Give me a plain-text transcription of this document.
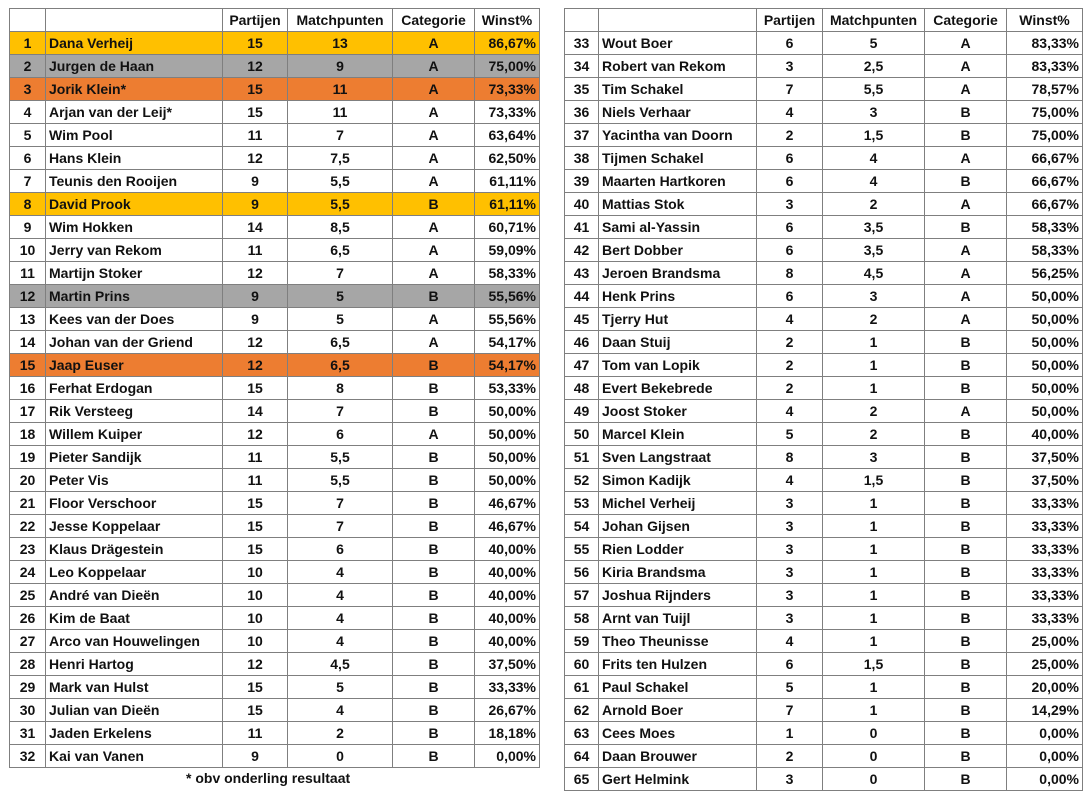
		Partijen	Matchpunten	Categorie	Winst%
1	Dana Verheij	15	13	A	86,67%
2	Jurgen de Haan	12	9	A	75,00%
3	Jorik Klein*	15	11	A	73,33%
4	Arjan van der Leij*	15	11	A	73,33%
5	Wim Pool	11	7	A	63,64%
6	Hans Klein	12	7,5	A	62,50%
7	Teunis den Rooijen	9	5,5	A	61,11%
8	David Prook	9	5,5	B	61,11%
9	Wim Hokken	14	8,5	A	60,71%
10	Jerry van Rekom	11	6,5	A	59,09%
11	Martijn Stoker	12	7	A	58,33%
12	Martin Prins	9	5	B	55,56%
13	Kees van der Does	9	5	A	55,56%
14	Johan van der Griend	12	6,5	A	54,17%
15	Jaap Euser	12	6,5	B	54,17%
16	Ferhat Erdogan	15	8	B	53,33%
17	Rik Versteeg	14	7	B	50,00%
18	Willem Kuiper	12	6	A	50,00%
19	Pieter Sandijk	11	5,5	B	50,00%
20	Peter Vis	11	5,5	B	50,00%
21	Floor Verschoor	15	7	B	46,67%
22	Jesse Koppelaar	15	7	B	46,67%
23	Klaus Drägestein	15	6	B	40,00%
24	Leo Koppelaar	10	4	B	40,00%
25	André van Dieën	10	4	B	40,00%
26	Kim de Baat	10	4	B	40,00%
27	Arco van Houwelingen	10	4	B	40,00%
28	Henri Hartog	12	4,5	B	37,50%
29	Mark van Hulst	15	5	B	33,33%
30	Julian van Dieën	15	4	B	26,67%
31	Jaden Erkelens	11	2	B	18,18%
32	Kai van Vanen	9	0	B	0,00%
		Partijen	Matchpunten	Categorie	Winst%
33	Wout Boer	6	5	A	83,33%
34	Robert van Rekom	3	2,5	A	83,33%
35	Tim Schakel	7	5,5	A	78,57%
36	Niels Verhaar	4	3	B	75,00%
37	Yacintha van Doorn	2	1,5	B	75,00%
38	Tijmen Schakel	6	4	A	66,67%
39	Maarten Hartkoren	6	4	B	66,67%
40	Mattias Stok	3	2	A	66,67%
41	Sami al-Yassin	6	3,5	B	58,33%
42	Bert Dobber	6	3,5	A	58,33%
43	Jeroen Brandsma	8	4,5	A	56,25%
44	Henk Prins	6	3	A	50,00%
45	Tjerry Hut	4	2	A	50,00%
46	Daan Stuij	2	1	B	50,00%
47	Tom van Lopik	2	1	B	50,00%
48	Evert Bekebrede	2	1	B	50,00%
49	Joost Stoker	4	2	A	50,00%
50	Marcel Klein	5	2	B	40,00%
51	Sven Langstraat	8	3	B	37,50%
52	Simon Kadijk	4	1,5	B	37,50%
53	Michel Verheij	3	1	B	33,33%
54	Johan Gijsen	3	1	B	33,33%
55	Rien Lodder	3	1	B	33,33%
56	Kiria Brandsma	3	1	B	33,33%
57	Joshua Rijnders	3	1	B	33,33%
58	Arnt van Tuijl	3	1	B	33,33%
59	Theo Theunisse	4	1	B	25,00%
60	Frits ten Hulzen	6	1,5	B	25,00%
61	Paul Schakel	5	1	B	20,00%
62	Arnold Boer	7	1	B	14,29%
63	Cees Moes	1	0	B	0,00%
64	Daan Brouwer	2	0	B	0,00%
65	Gert Helmink	3	0	B	0,00%
* obv onderling resultaat
